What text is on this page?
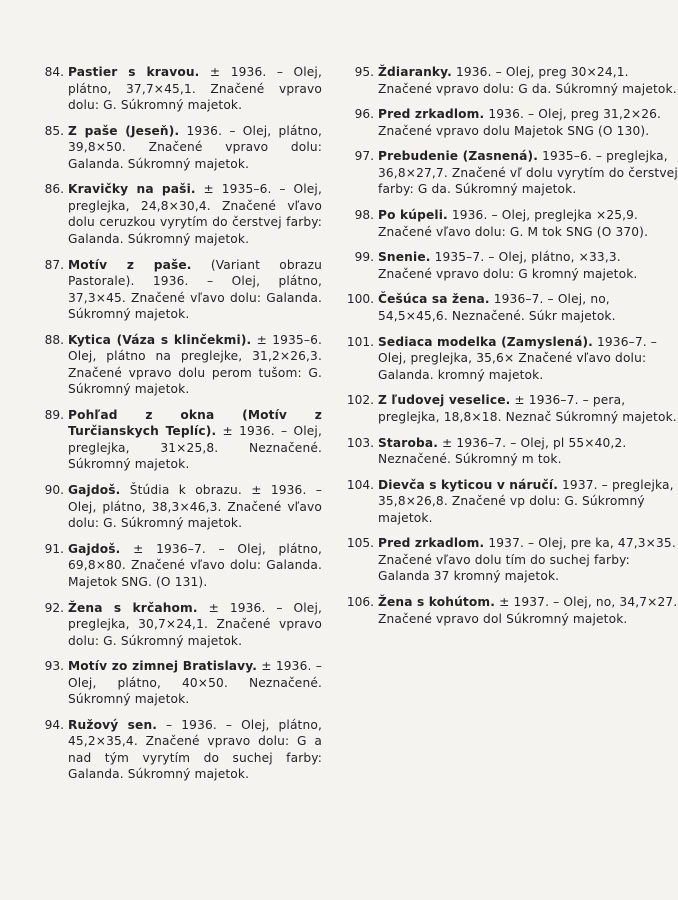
84. Pastier s kravou. ± 1936. – Olej, plátno, 37,7×45,1. Značené vpravo dolu: G. Súkromný majetok.
85. Z paše (Jeseň). 1936. – Olej, plátno, 39,8×50. Značené vpravo dolu: Galanda. Súkromný majetok.
86. Kravičky na paši. ± 1935–6. – Olej, preglejka, 24,8×30,4. Značené vľavo dolu ceruzkou vyrytím do čerstvej farby: Galanda. Súkromný majetok.
87. Motív z paše. (Variant obrazu Pastorale). 1936. – Olej, plátno, 37,3×45. Značené vľavo dolu: Galanda. Súkromný majetok.
88. Kytica (Váza s klinčekmi). ± 1935–6. Olej, plátno na preglejke, 31,2×26,3. Značené vpravo dolu perom tušom: G. Súkromný majetok.
89. Pohľad z okna (Motív z Turčianskych Teplíc). ± 1936. – Olej, preglejka, 31×25,8. Neznačené. Súkromný majetok.
90. Gajdoš. Štúdia k obrazu. ± 1936. – Olej, plátno, 38,3×46,3. Značené vľavo dolu: G. Súkromný majetok.
91. Gajdoš. ± 1936–7. – Olej, plátno, 69,8×80. Značené vľavo dolu: Galanda. Majetok SNG. (O 131).
92. Žena s krčahom. ± 1936. – Olej, preglejka, 30,7×24,1. Značené vpravo dolu: G. Súkromný majetok.
93. Motív zo zimnej Bratislavy. ± 1936. – Olej, plátno, 40×50. Neznačené. Súkromný majetok.
94. Ružový sen. – 1936. – Olej, plátno, 45,2×35,4. Značené vpravo dolu: G a nad tým vyrytím do suchej farby: Galanda. Súkromný majetok.
95. Ždiaranky. 1936. – Olej, preg 30×24,1. Značené vpravo dolu: G da. Súkromný majetok.
96. Pred zrkadlom. 1936. – Olej, preg 31,2×26. Značené vpravo dolu Majetok SNG (O 130).
97. Prebudenie (Zasnená). 1935–6. – preglejka, 36,8×27,7. Značené vľ dolu vyrytím do čerstvej farby: G da. Súkromný majetok.
98. Po kúpeli. 1936. – Olej, preglejka ×25,9. Značené vľavo dolu: G. M tok SNG (O 370).
99. Snenie. 1935–7. – Olej, plátno, ×33,3. Značené vpravo dolu: G kromný majetok.
100. Češúca sa žena. 1936–7. – Olej, no, 54,5×45,6. Neznačené. Súkr majetok.
101. Sediaca modelka (Zamyslená). 1936–7. – Olej, preglejka, 35,6× Značené vľavo dolu: Galanda. kromný majetok.
102. Z ľudovej veselice. ± 1936–7. – pera, preglejka, 18,8×18. Neznač Súkromný majetok.
103. Staroba. ± 1936–7. – Olej, pl 55×40,2. Neznačené. Súkromný m tok.
104. Dievča s kyticou v náručí. 1937. – preglejka, 35,8×26,8. Značené vp dolu: G. Súkromný majetok.
105. Pred zrkadlom. 1937. – Olej, pre ka, 47,3×35. Značené vľavo dolu tím do suchej farby: Galanda 37 kromný majetok.
106. Žena s kohútom. ± 1937. – Olej, no, 34,7×27. Značené vpravo dol Súkromný majetok.
